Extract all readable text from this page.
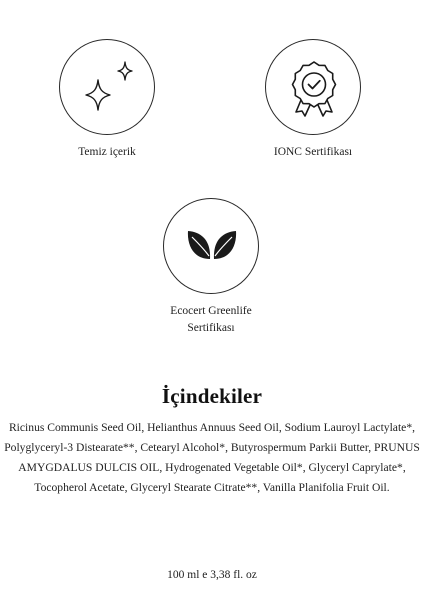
Temiz içerik	IONC Sertifikası
Ecocert Greenlife
Sertifikası
İçindekiler
Ricinus Communis Seed Oil, Helianthus Annuus Seed Oil, Sodium Lauroyl Lactylate*, Polyglyceryl-3 Distearate**, Cetearyl Alcohol*, Butyrospermum Parkii Butter, PRUNUS AMYGDALUS DULCIS OIL, Hydrogenated Vegetable Oil*, Glyceryl Caprylate*, Tocopherol Acetate, Glyceryl Stearate Citrate**, Vanilla Planifolia Fruit Oil.
100 ml e 3,38 fl. oz
